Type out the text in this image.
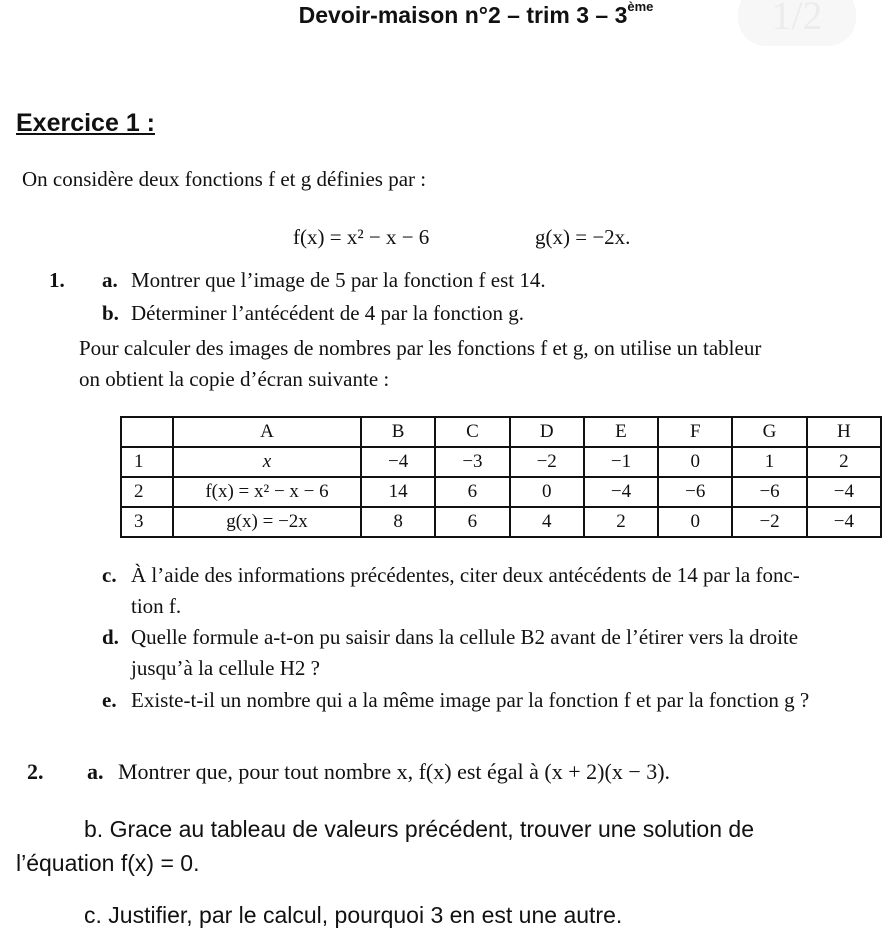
1/2
Devoir-maison n°2 – trim 3 – 3ème
Exercice 1 :
On considère deux fonctions f et g définies par :
f(x) = x² − x − 6	g(x) = −2x.
1. a. Montrer que l’image de 5 par la fonction f est 14.
b. Déterminer l’antécédent de 4 par la fonction g.
Pour calculer des images de nombres par les fonctions f et g, on utilise un tableur
on obtient la copie d’écran suivante :
	A	B	C	D	E	F	G	H
1	x	−4	−3	−2	−1	0	1	2
2	f(x) = x² − x − 6	14	6	0	−4	−6	−6	−4
3	g(x) = −2x	8	6	4	2	0	−2	−4
c. À l’aide des informations précédentes, citer deux antécédents de 14 par la fonc-
tion f.
d. Quelle formule a-t-on pu saisir dans la cellule B2 avant de l’étirer vers la droite
jusqu’à la cellule H2 ?
e. Existe-t-il un nombre qui a la même image par la fonction f et par la fonction g ?
2. a. Montrer que, pour tout nombre x, f(x) est égal à (x + 2)(x − 3).
b. Grace au tableau de valeurs précédent, trouver une solution de
l’équation f(x) = 0.
c. Justifier, par le calcul, pourquoi 3 en est une autre.
